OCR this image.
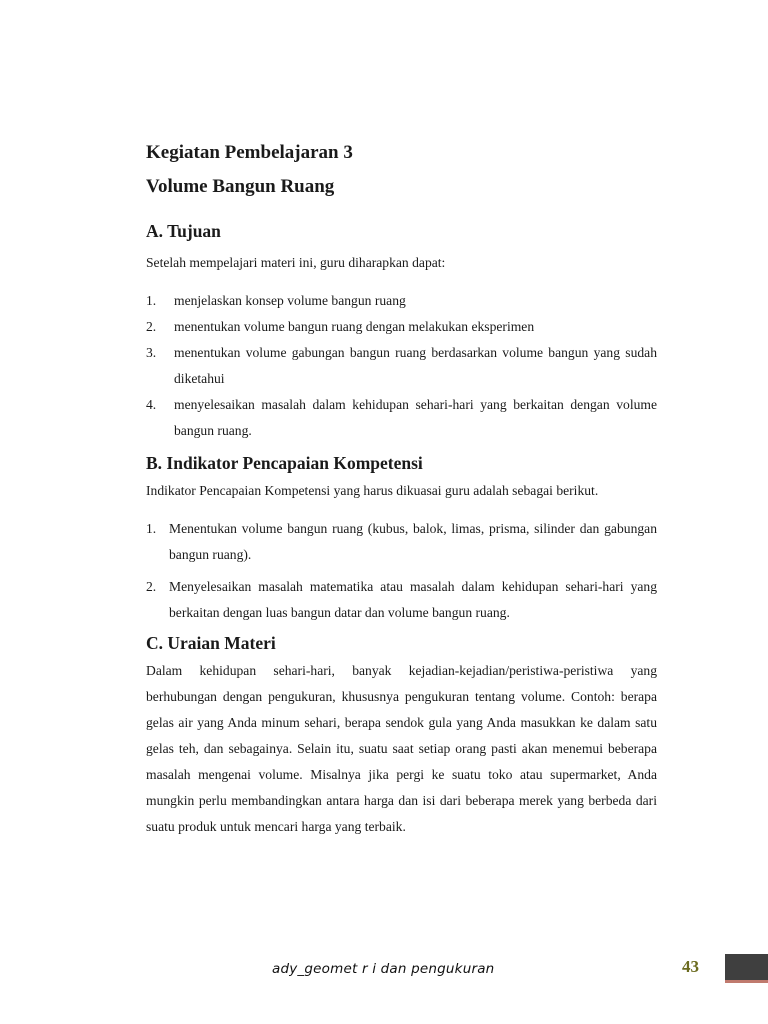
Kegiatan Pembelajaran 3
Volume Bangun Ruang
A. Tujuan

Setelah mempelajari materi ini, guru diharapkan dapat:

1. menjelaskan konsep volume bangun ruang
2. menentukan volume bangun ruang dengan melakukan eksperimen
3. menentukan volume gabungan bangun ruang berdasarkan volume bangun yang sudah diketahui
4. menyelesaikan masalah dalam kehidupan sehari-hari yang berkaitan dengan volume bangun ruang.
B. Indikator Pencapaian Kompetensi

Indikator Pencapaian Kompetensi yang harus dikuasai guru adalah sebagai berikut.

1. Menentukan volume bangun ruang (kubus, balok, limas, prisma, silinder dan gabungan bangun ruang).
2. Menyelesaikan masalah matematika atau masalah dalam kehidupan sehari-hari yang berkaitan dengan luas bangun datar dan volume bangun ruang.
C. Uraian Materi

Dalam kehidupan sehari-hari, banyak kejadian-kejadian/peristiwa-peristiwa yang berhubungan dengan pengukuran, khususnya pengukuran tentang volume. Contoh: berapa gelas air yang Anda minum sehari, berapa sendok gula yang Anda masukkan ke dalam satu gelas teh, dan sebagainya. Selain itu, suatu saat setiap orang pasti akan menemui beberapa masalah mengenai volume. Misalnya jika pergi ke suatu toko atau supermarket, Anda mungkin perlu membandingkan antara harga dan isi dari beberapa merek yang berbeda dari suatu produk untuk mencari harga yang terbaik.

ady_geomet r i dan pengukuran	43
